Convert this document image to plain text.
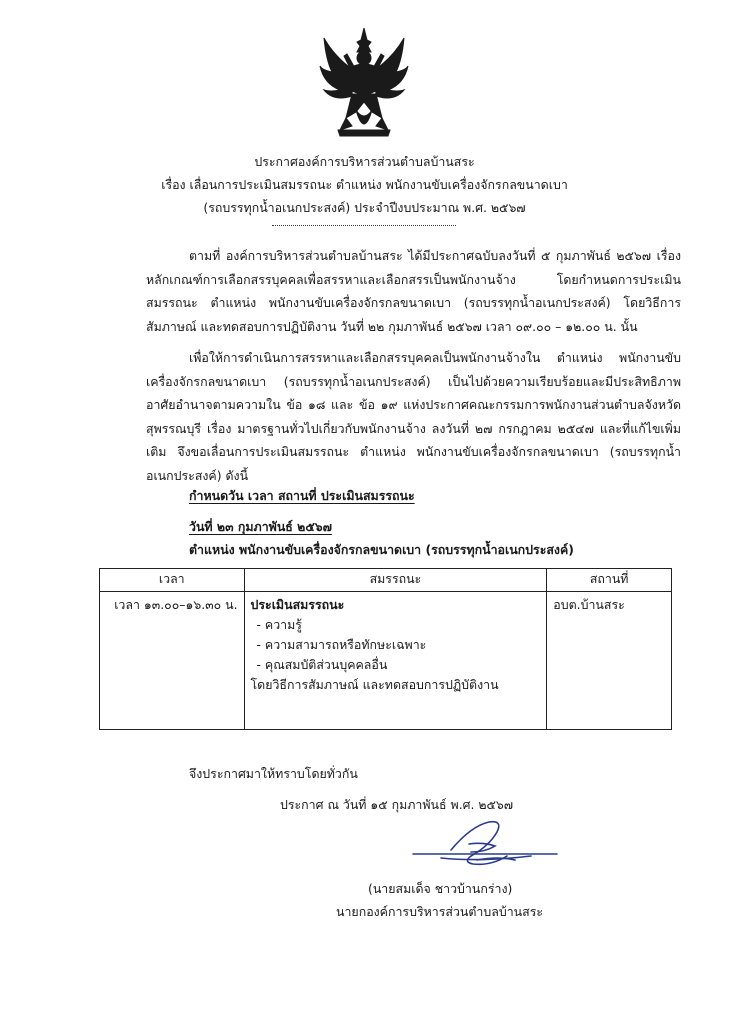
ประกาศองค์การบริหารส่วนตำบลบ้านสระ
เรื่อง เลื่อนการประเมินสมรรถนะ ตำแหน่ง พนักงานขับเครื่องจักรกลขนาดเบา
(รถบรรทุกน้ำอเนกประสงค์) ประจำปีงบประมาณ พ.ศ. ๒๕๖๗
ตามที่ องค์การบริหารส่วนตำบลบ้านสระ ได้มีประกาศฉบับลงวันที่ ๕ กุมภาพันธ์ ๒๕๖๗ เรื่อง หลักเกณฑ์การเลือกสรรบุคคลเพื่อสรรหาและเลือกสรรเป็นพนักงานจ้าง โดยกำหนดการประเมินสมรรถนะ ตำแหน่ง พนักงานขับเครื่องจักรกลขนาดเบา (รถบรรทุกน้ำอเนกประสงค์) โดยวิธีการสัมภาษณ์ และทดสอบการปฏิบัติงาน วันที่ ๒๒ กุมภาพันธ์ ๒๕๖๗ เวลา ๐๙.๐๐ – ๑๒.๐๐ น. นั้น
เพื่อให้การดำเนินการสรรหาและเลือกสรรบุคคลเป็นพนักงานจ้างใน ตำแหน่ง พนักงานขับเครื่องจักรกลขนาดเบา (รถบรรทุกน้ำอเนกประสงค์) เป็นไปด้วยความเรียบร้อยและมีประสิทธิภาพ อาศัยอำนาจตามความใน ข้อ ๑๘ และ ข้อ ๑๙ แห่งประกาศคณะกรรมการพนักงานส่วนตำบลจังหวัดสุพรรณบุรี เรื่อง มาตรฐานทั่วไปเกี่ยวกับพนักงานจ้าง ลงวันที่ ๒๗ กรกฎาคม ๒๕๔๗ และที่แก้ไขเพิ่มเติม จึงขอเลื่อนการประเมินสมรรถนะ ตำแหน่ง พนักงานขับเครื่องจักรกลขนาดเบา (รถบรรทุกน้ำอเนกประสงค์) ดังนี้
กำหนดวัน เวลา สถานที่ ประเมินสมรรถนะ
วันที่ ๒๓ กุมภาพันธ์ ๒๕๖๗
ตำแหน่ง พนักงานขับเครื่องจักรกลขนาดเบา (รถบรรทุกน้ำอเนกประสงค์)
เวลา	สมรรถนะ	สถานที่
เวลา ๑๓.๐๐–๑๖.๓๐ น.	ประเมินสมรรถนะ
- ความรู้
- ความสามารถหรือทักษะเฉพาะ
- คุณสมบัติส่วนบุคคลอื่น
โดยวิธีการสัมภาษณ์ และทดสอบการปฏิบัติงาน	อบต.บ้านสระ
จึงประกาศมาให้ทราบโดยทั่วกัน
ประกาศ ณ วันที่ ๑๕ กุมภาพันธ์ พ.ศ. ๒๕๖๗
(นายสมเด็จ ชาวบ้านกร่าง)
นายกองค์การบริหารส่วนตำบลบ้านสระ
